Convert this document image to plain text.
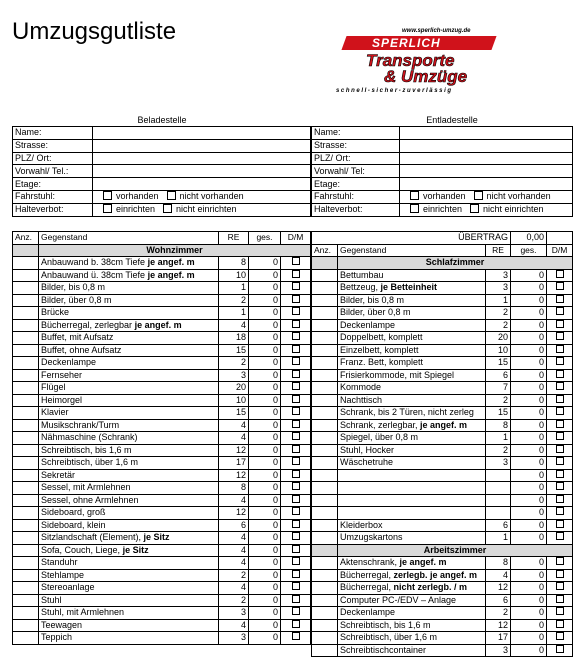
Umzugsgutliste	www.sperlich-umzug.de
SPERLICH
Transporte
& Umzüge
schnell-sicher-zuverlässig
Beladestelle	Entladestelle
Name:	
Strasse:	
PLZ/ Ort:	
Vorwahl/ Tel.:	
Etage:	
Fahrstuhl:	vorhanden nicht vorhanden
Halteverbot:	einrichten nicht einrichten
Name:	
Strasse:	
PLZ/ Ort:	
Vorwahl/ Tel:	
Etage:	
Fahrstuhl:	vorhanden nicht vorhanden
Halteverbot:	einrichten nicht einrichten
Anz.	Gegenstand	RE	ges.	D/M
	Wohnzimmer			
	Anbauwand b. 38cm Tiefe je angef. m	8	0	
	Anbauwand ü. 38cm Tiefe je angef. m	10	0	
	Bilder, bis 0,8 m	1	0	
	Bilder, über 0,8 m	2	0	
	Brücke	1	0	
	Bücherregal, zerlegbar je angef. m	4	0	
	Buffet, mit Aufsatz	18	0	
	Buffet, ohne Aufsatz	15	0	
	Deckenlampe	2	0	
	Fernseher	3	0	
	Flügel	20	0	
	Heimorgel	10	0	
	Klavier	15	0	
	Musikschrank/Turm	4	0	
	Nähmaschine (Schrank)	4	0	
	Schreibtisch, bis 1,6 m	12	0	
	Schreibtisch, über 1,6 m	17	0	
	Sekretär	12	0	
	Sessel, mit Armlehnen	8	0	
	Sessel, ohne Armlehnen	4	0	
	Sideboard, groß	12	0	
	Sideboard, klein	6	0	
	Sitzlandschaft (Element), je Sitz	4	0	
	Sofa, Couch, Liege, je Sitz	4	0	
	Standuhr	4	0	
	Stehlampe	2	0	
	Stereoanlage	4	0	
	Stuhl	2	0	
	Stuhl, mit Armlehnen	3	0	
	Teewagen	4	0	
	Teppich	3	0	
ÜBERTRAG			0,00	
Anz.	Gegenstand	RE	ges.	D/M
	Schlafzimmer			
	Bettumbau	3	0	
	Bettzeug, je Betteinheit	3	0	
	Bilder, bis 0,8 m	1	0	
	Bilder, über 0,8 m	2	0	
	Deckenlampe	2	0	
	Doppelbett, komplett	20	0	
	Einzelbett, komplett	10	0	
	Franz. Bett, komplett	15	0	
	Frisierkommode, mit Spiegel	6	0	
	Kommode	7	0	
	Nachttisch	2	0	
	Schrank, bis 2 Türen, nicht zerleg	15	0	
	Schrank, zerlegbar, je angef. m	8	0	
	Spiegel, über 0,8 m	1	0	
	Stuhl, Hocker	2	0	
	Wäschetruhe	3	0	
			0	
			0	
			0	
			0	
	Kleiderbox	6	0	
	Umzugskartons	1	0	
	Arbeitszimmer			
	Aktenschrank, je angef. m	8	0	
	Bücherregal, zerlegb. je angef. m	4	0	
	Bücherregal, nicht zerlegb. / m	12	0	
	Computer PC-/EDV – Anlage	6	0	
	Deckenlampe	2	0	
	Schreibtisch, bis 1,6 m	12	0	
	Schreibtisch, über 1,6 m	17	0	
	Schreibtischcontainer	3	0	
